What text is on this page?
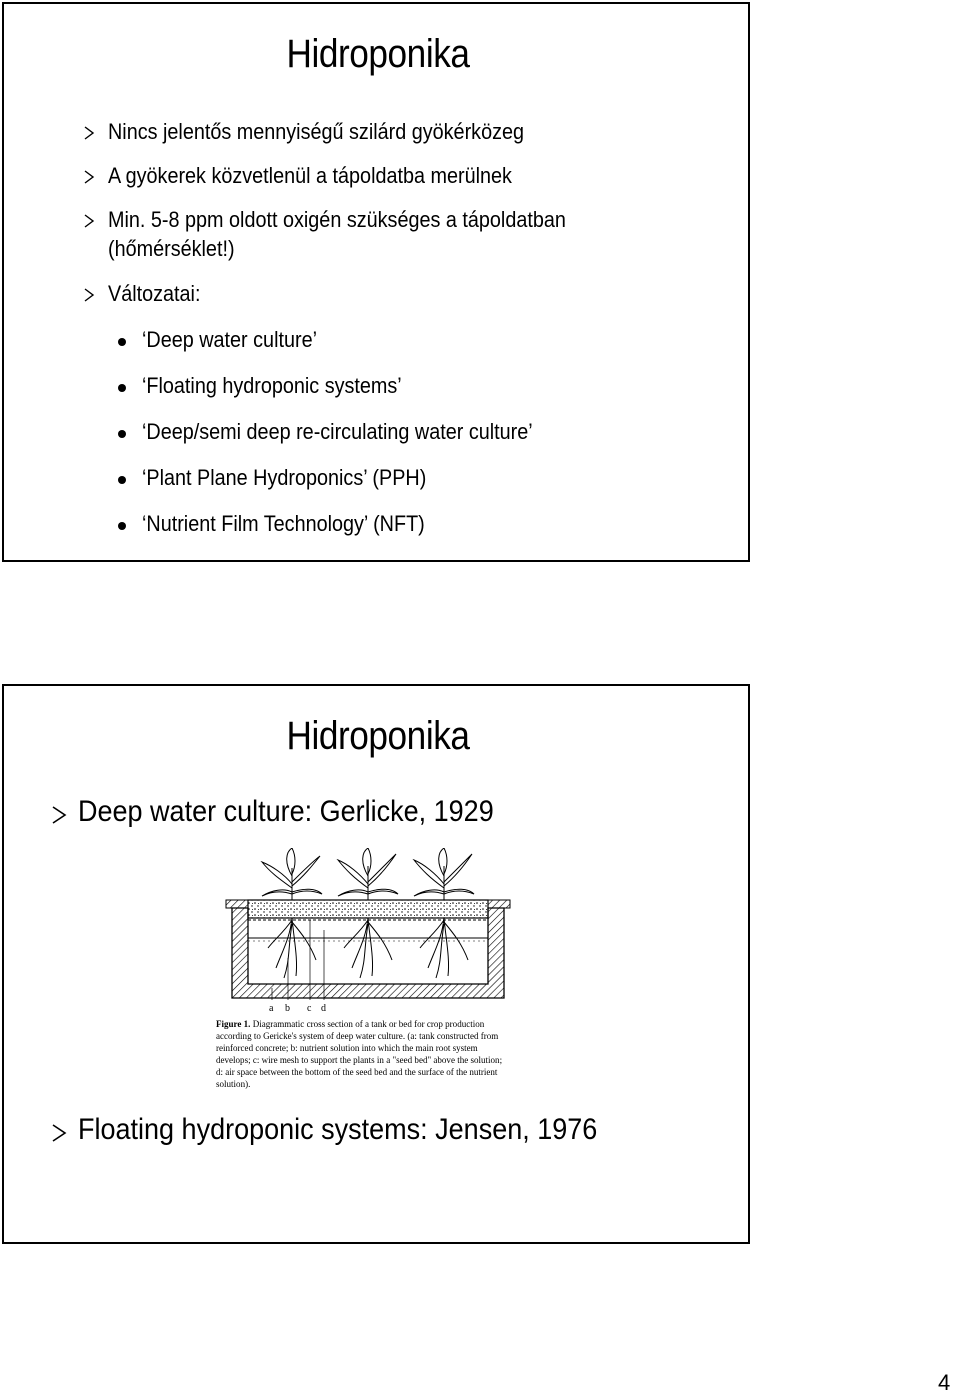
Hidroponika
Nincs jelentős mennyiségű szilárd gyökérközeg
A gyökerek közvetlenül a tápoldatba merülnek
Min. 5-8 ppm oldott oxigén szükséges a tápoldatban
(hőmérséklet!)
Változatai:
‘Deep water culture’
‘Floating hydroponic systems’
‘Deep/semi deep re-circulating water culture’
‘Plant Plane Hydroponics’ (PPH)
‘Nutrient Film Technology’ (NFT)
Hidroponika
Deep water culture: Gerlicke, 1929
a b c d
Figure 1. Diagrammatic cross section of a tank or bed for crop production according to Gericke's system of deep water culture. (a: tank constructed from reinforced concrete; b: nutrient solution into which the main root system develops; c: wire mesh to support the plants in a "seed bed" above the solution; d: air space between the bottom of the seed bed and the surface of the nutrient solution).
Floating hydroponic systems: Jensen, 1976
4
